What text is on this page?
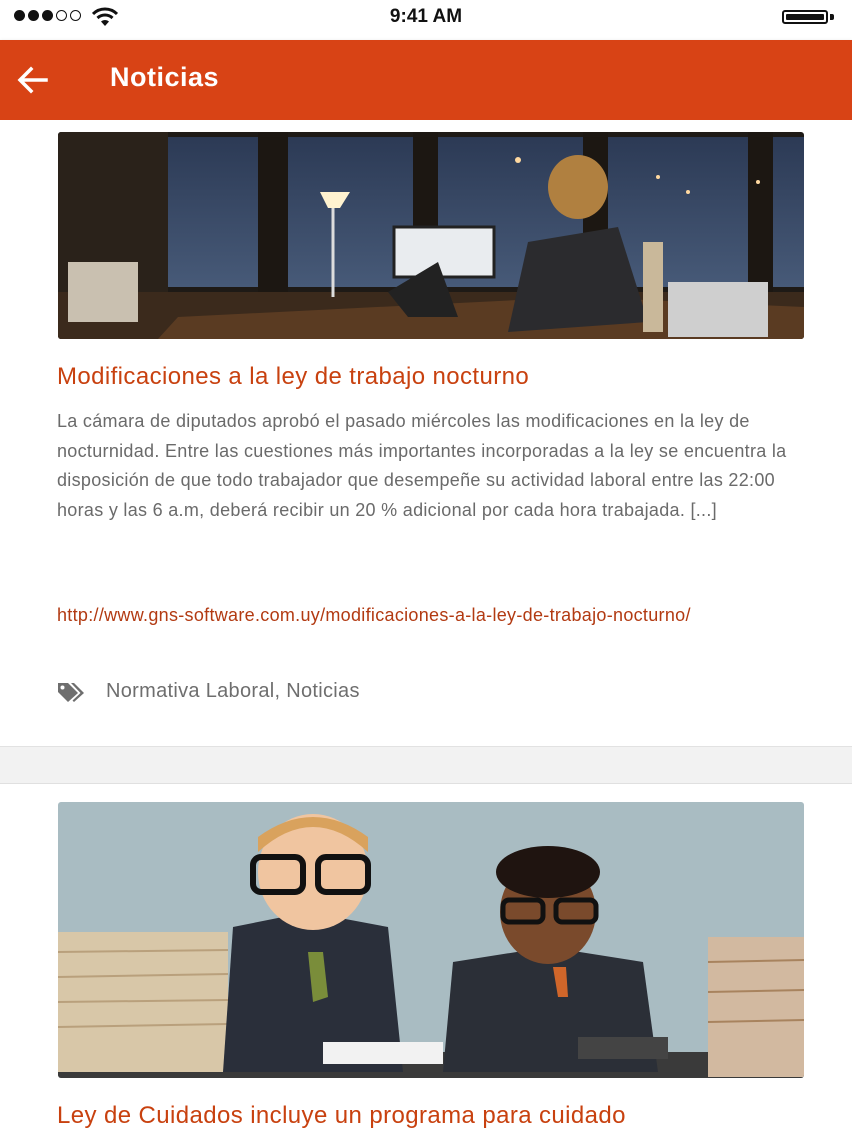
9:41 AM
Noticias
Modificaciones a la ley de trabajo nocturno

La cámara de diputados aprobó el pasado miércoles las modificaciones en la ley de nocturnidad. Entre las cuestiones más importantes incorporadas a la ley se encuentra la disposición de que todo trabajador que desempeñe su actividad laboral entre las 22:00 horas y las 6 a.m, deberá recibir un 20 % adicional por cada hora trabajada. [...]

http://www.gns-software.com.uy/modificaciones-a-la-ley-de-trabajo-nocturno/
Normativa Laboral, Noticias
Ley de Cuidados incluye un programa para cuidado
